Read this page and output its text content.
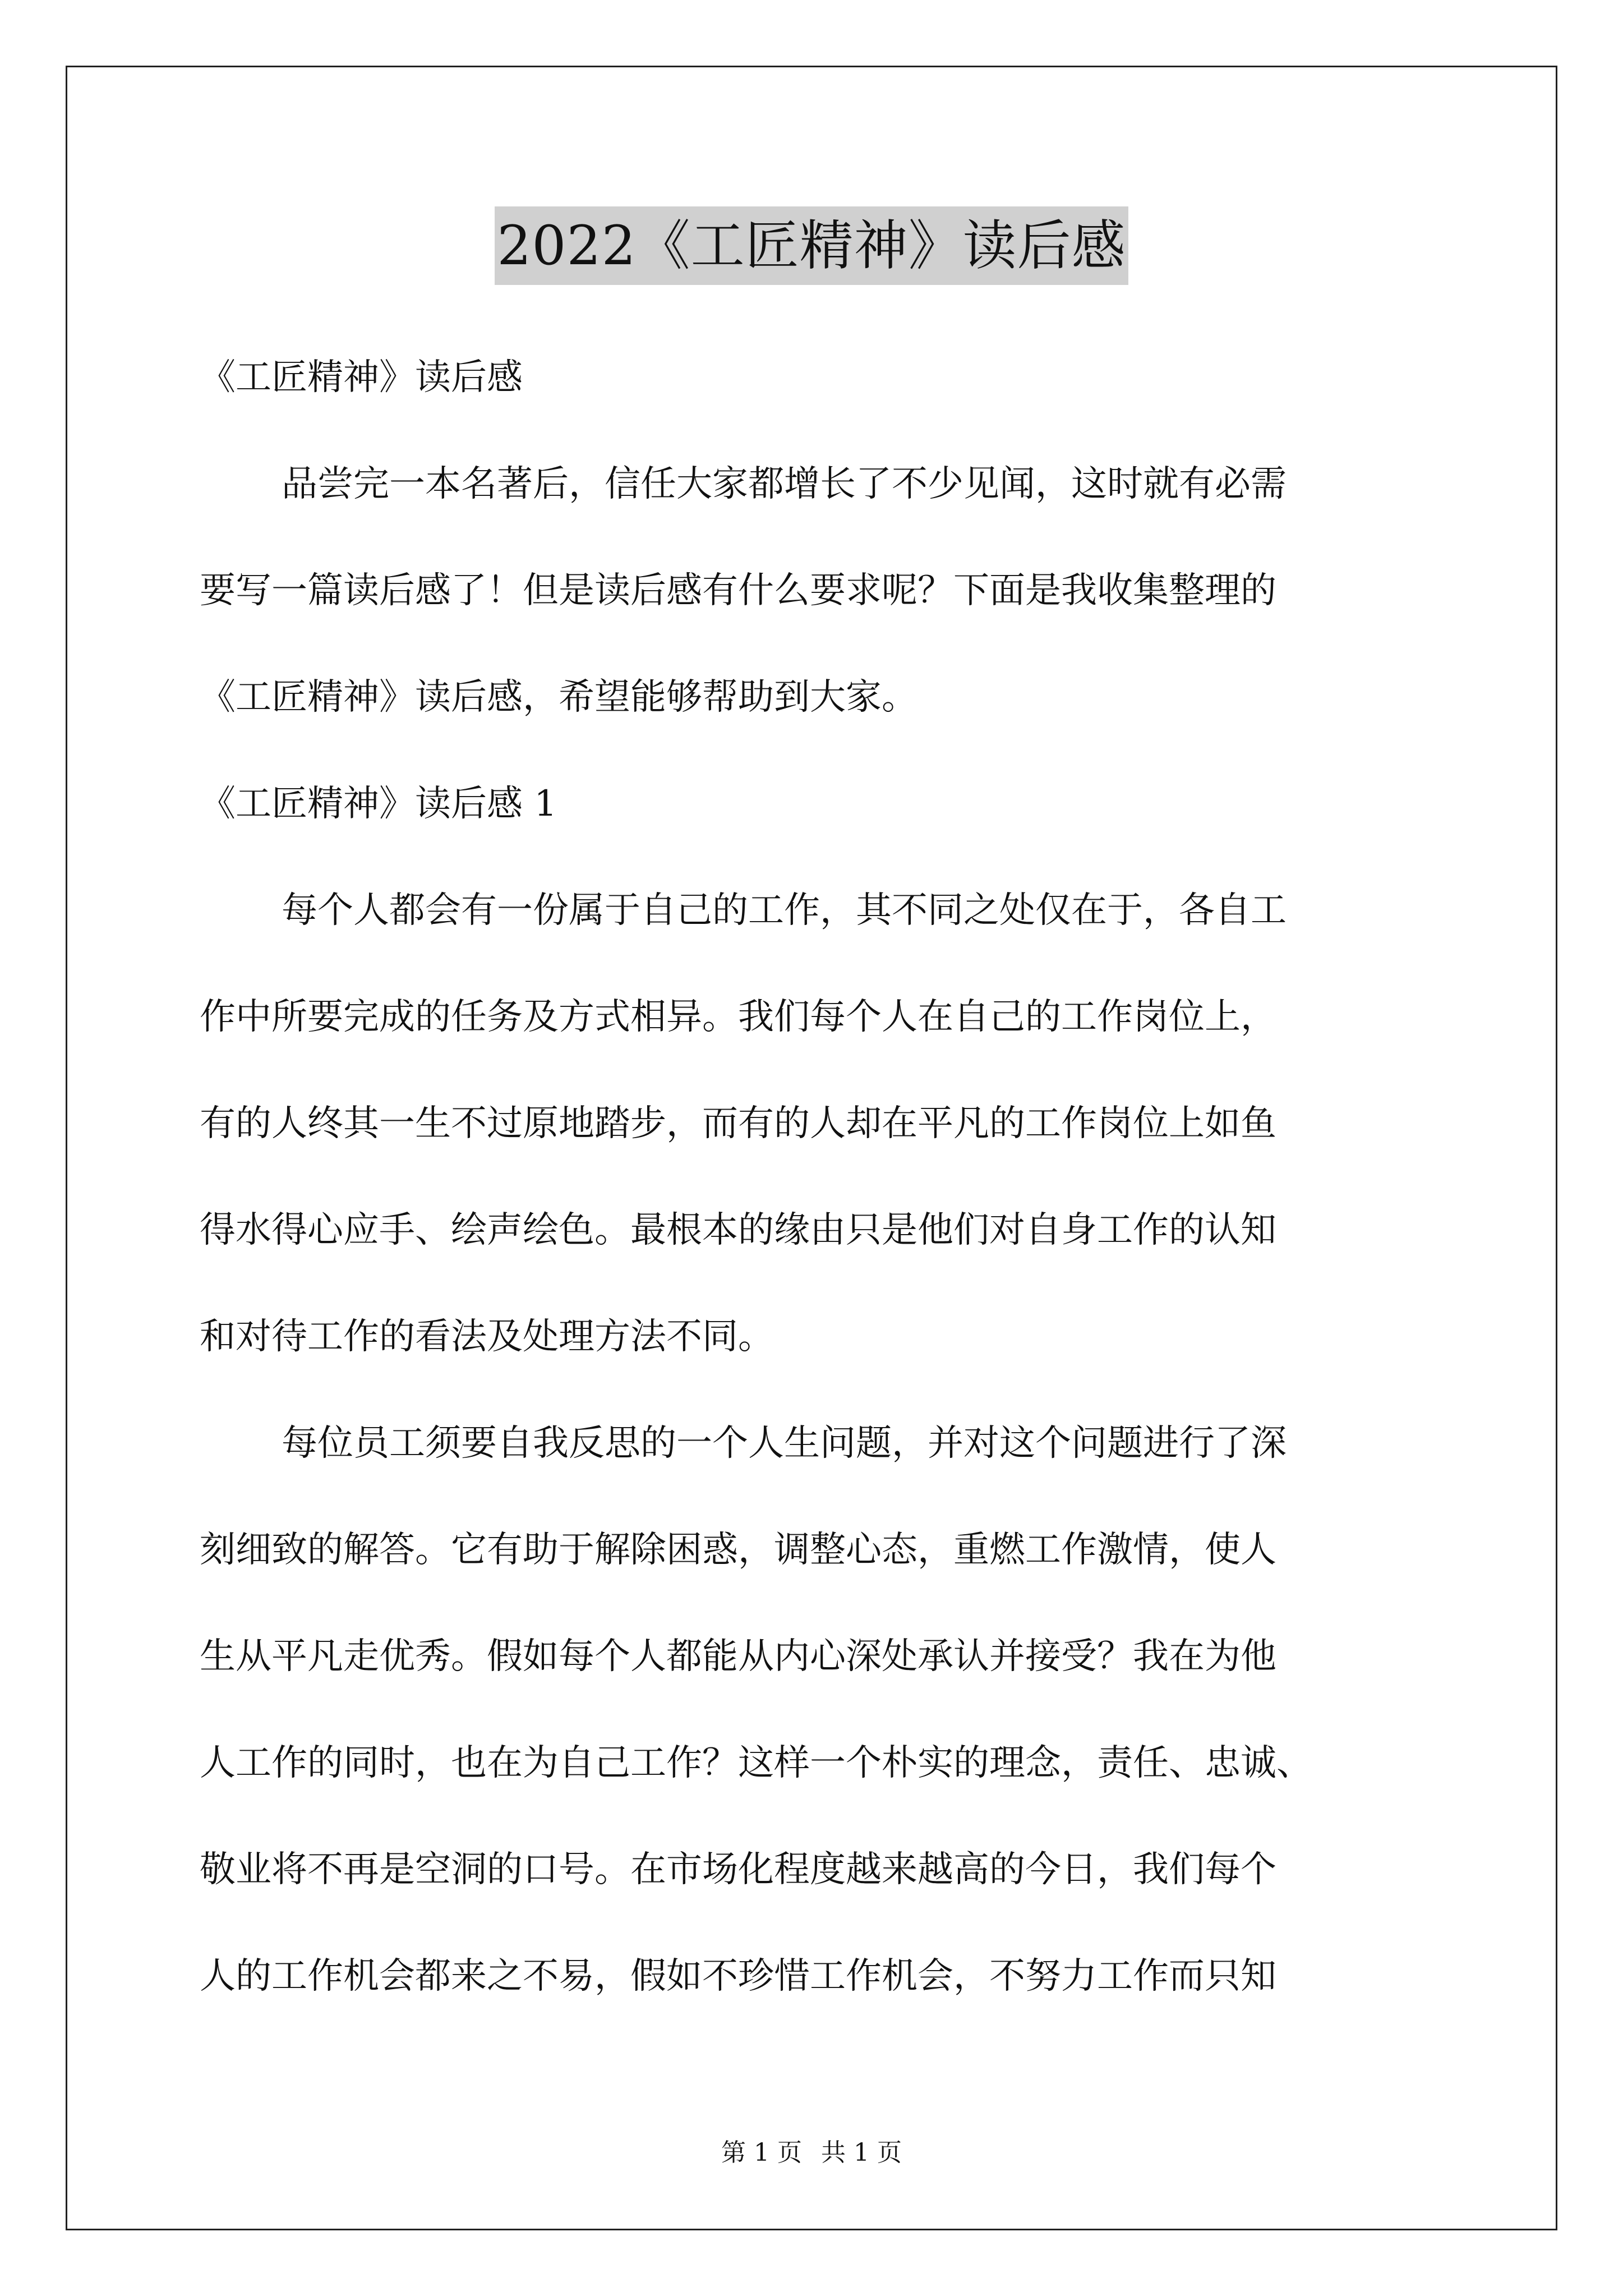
2022《工匠精神》读后感
《工匠精神》读后感
品尝完一本名著后，信任大家都增长了不少见闻，这时就有必需
要写一篇读后感了！但是读后感有什么要求呢？下面是我收集整理的
《工匠精神》读后感，希望能够帮助到大家。
《工匠精神》读后感 1
每个人都会有一份属于自己的工作，其不同之处仅在于，各自工
作中所要完成的任务及方式相异。我们每个人在自己的工作岗位上，
有的人终其一生不过原地踏步，而有的人却在平凡的工作岗位上如鱼
得水得心应手、绘声绘色。最根本的缘由只是他们对自身工作的认知
和对待工作的看法及处理方法不同。
每位员工须要自我反思的一个人生问题，并对这个问题进行了深
刻细致的解答。它有助于解除困惑，调整心态，重燃工作激情，使人
生从平凡走优秀。假如每个人都能从内心深处承认并接受？我在为他
人工作的同时，也在为自己工作？这样一个朴实的理念，责任、忠诚、
敬业将不再是空洞的口号。在市场化程度越来越高的今日，我们每个
人的工作机会都来之不易，假如不珍惜工作机会，不努力工作而只知
第 1 页 共 1 页
